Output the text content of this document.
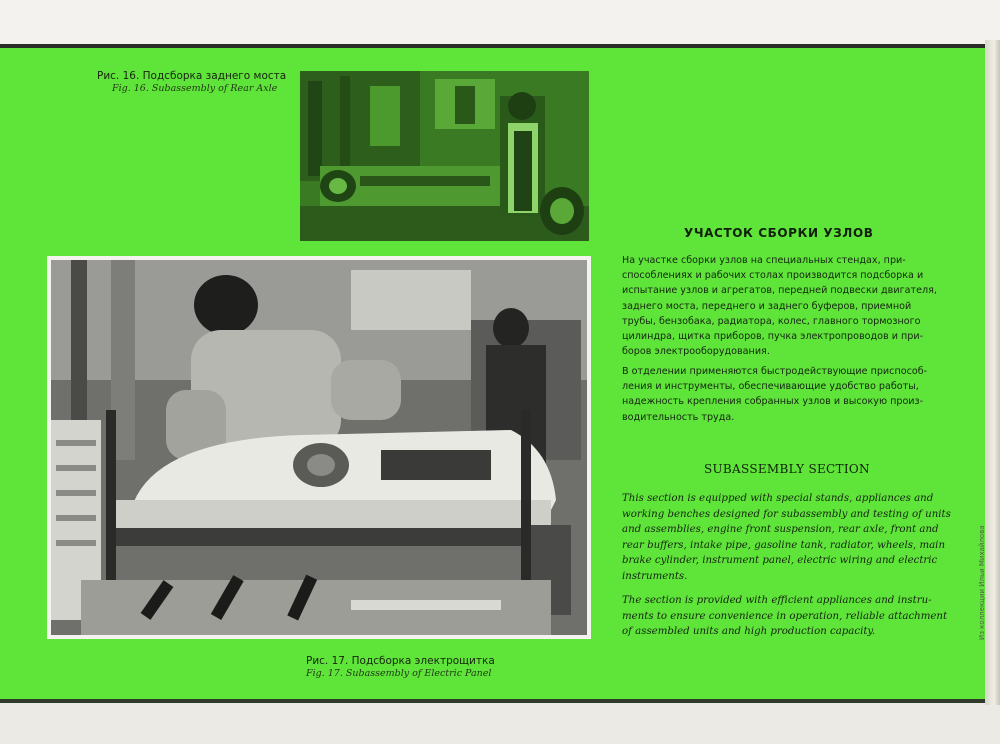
Рис. 16. Подсборка заднего моста
Fig. 16. Subassembly of Rear Axle
Рис. 17. Подсборка электрощитка
Fig. 17. Subassembly of Electric Panel
УЧАСТОК СБОРКИ УЗЛОВ
На участке сборки узлов на специальных стендах, при-
способлениях и рабочих столах производится подсборка и
испытание узлов и агрегатов, передней подвески двигателя,
заднего моста, переднего и заднего буферов, приемной
трубы, бензобака, радиатора, колес, главного тормозного
цилиндра, щитка приборов, пучка электропроводов и при-
боров электрооборудования.
В отделении применяются быстродействующие приспособ-
ления и инструменты, обеспечивающие удобство работы,
надежность крепления собранных узлов и высокую произ-
водительность труда.
SUBASSEMBLY SECTION
This section is equipped with special stands, appliances and
working benches designed for subassembly and testing of units
and assemblies, engine front suspension, rear axle, front and
rear buffers, intake pipe, gasoline tank, radiator, wheels, main
brake cylinder, instrument panel, electric wiring and electric
instruments.
The section is provided with efficient appliances and instru-
ments to ensure convenience in operation, reliable attachment
of assembled units and high production capacity.	Из коллекции Ильи Михайлова
